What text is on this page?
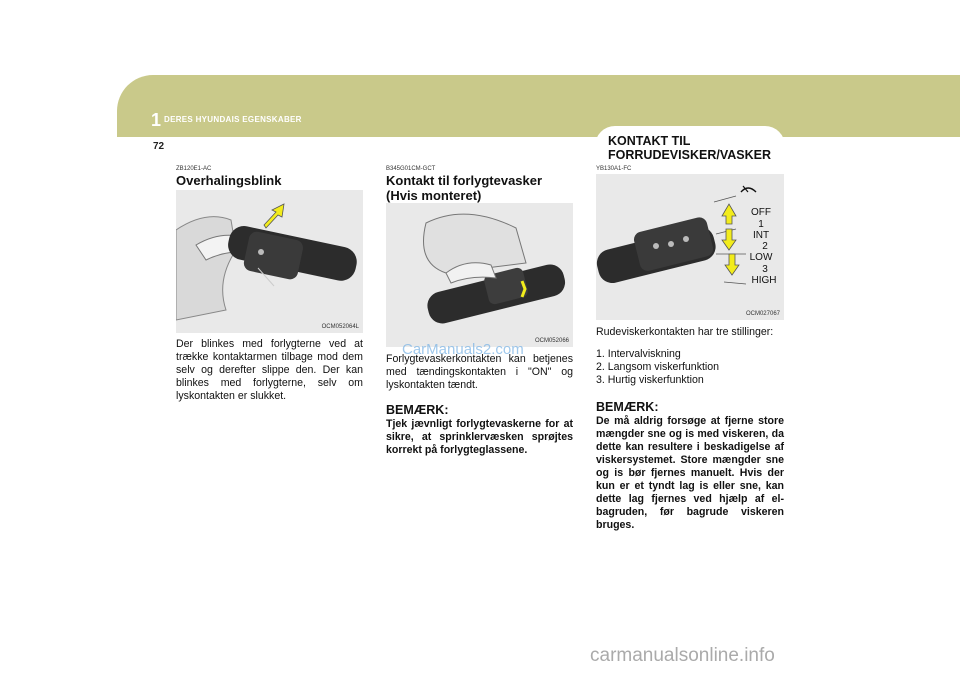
1 DERES HYUNDAIS EGENSKABER
72
ZB120E1-AC
Overhalingsblink
OCM052064L
Der blinkes med forlygterne ved at trække kontaktarmen tilbage mod dem selv og derefter slippe den. Der kan blinkes med forlygterne, selv om lyskontakten er slukket.
B345G01CM-GCT
Kontakt til forlygtevasker
(Hvis monteret)
OCM052066
Forlygtevaskerkontakten kan betjenes med tændingskontakten i "ON" og lyskontakten tændt.
BEMÆRK:
Tjek jævnligt forlygtevaskerne for at sikre, at sprinklervæsken sprøjtes korrekt på forlygteglassene.
KONTAKT TIL
FORRUDEVISKER/VASKER
YB130A1-FC
OFF
1
INT
2
LOW
3
HIGH
OCM027067
Rudeviskerkontakten har tre stillinger:
1. Intervalviskning
2. Langsom viskerfunktion
3. Hurtig viskerfunktion
BEMÆRK:
De må aldrig forsøge at fjerne store mængder sne og is med viskeren, da dette kan resultere i beskadigelse af viskersystemet. Store mængder sne og is bør fjernes manuelt. Hvis der kun er et tyndt lag is eller sne, kan dette lag fjernes ved hjælp af el-bagruden, før bagrude viskeren bruges.
CarManuals2.com
carmanualsonline.info
